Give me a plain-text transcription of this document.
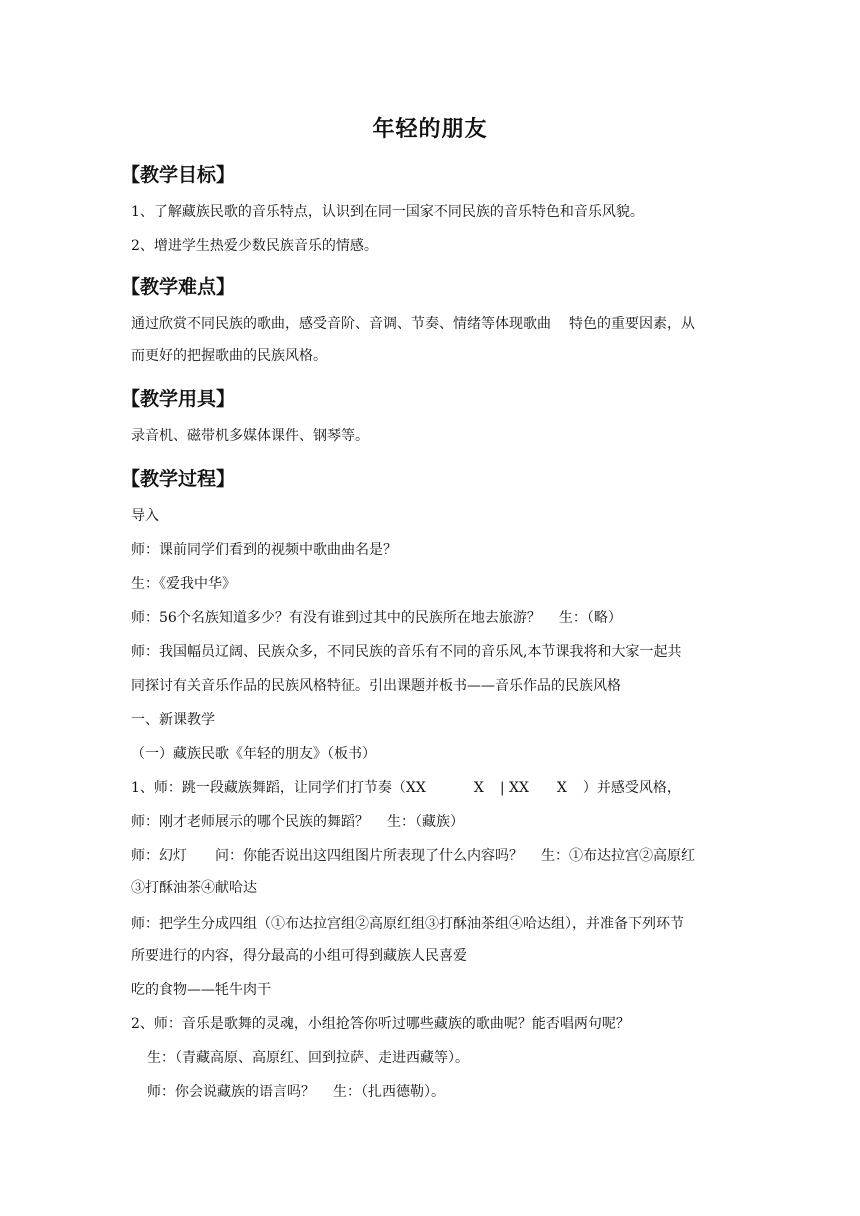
年轻的朋友
【教学目标】
1、了解藏族民歌的音乐特点，认识到在同一国家不同民族的音乐特色和音乐风貌。
2、增进学生热爱少数民族音乐的情感。
【教学难点】
通过欣赏不同民族的歌曲，感受音阶、音调、节奏、情绪等体现歌曲 特色的重要因素，从
而更好的把握歌曲的民族风格。
【教学用具】
录音机、磁带机多媒体课件、钢琴等。
【教学过程】
导入
师：课前同学们看到的视频中歌曲曲名是？
生：《爱我中华》
师：56个名族知道多少？有没有谁到过其中的民族所在地去旅游？ 生：（略）
师：我国幅员辽阔、民族众多，不同民族的音乐有不同的音乐风,本节课我将和大家一起共
同探讨有关音乐作品的民族风格特征。引出课题并板书——音乐作品的民族风格
一、新课教学
（一）藏族民歌《年轻的朋友》（板书）
1、师：跳一段藏族舞蹈，让同学们打节奏（XX	X | XX X ）并感受风格，
师：刚才老师展示的哪个民族的舞蹈？ 生：（藏族）
师：幻灯 问：你能否说出这四组图片所表现了什么内容吗？ 生：①布达拉宫②高原红
③打酥油茶④献哈达
师：把学生分成四组（①布达拉宫组②高原红组③打酥油茶组④哈达组），并准备下列环节
所要进行的内容，得分最高的小组可得到藏族人民喜爱
吃的食物——牦牛肉干
2、师：音乐是歌舞的灵魂，小组抢答你听过哪些藏族的歌曲呢？能否唱两句呢？
生：（青藏高原、高原红、回到拉萨、走进西藏等）。
师：你会说藏族的语言吗？ 生：（扎西德勒）。
